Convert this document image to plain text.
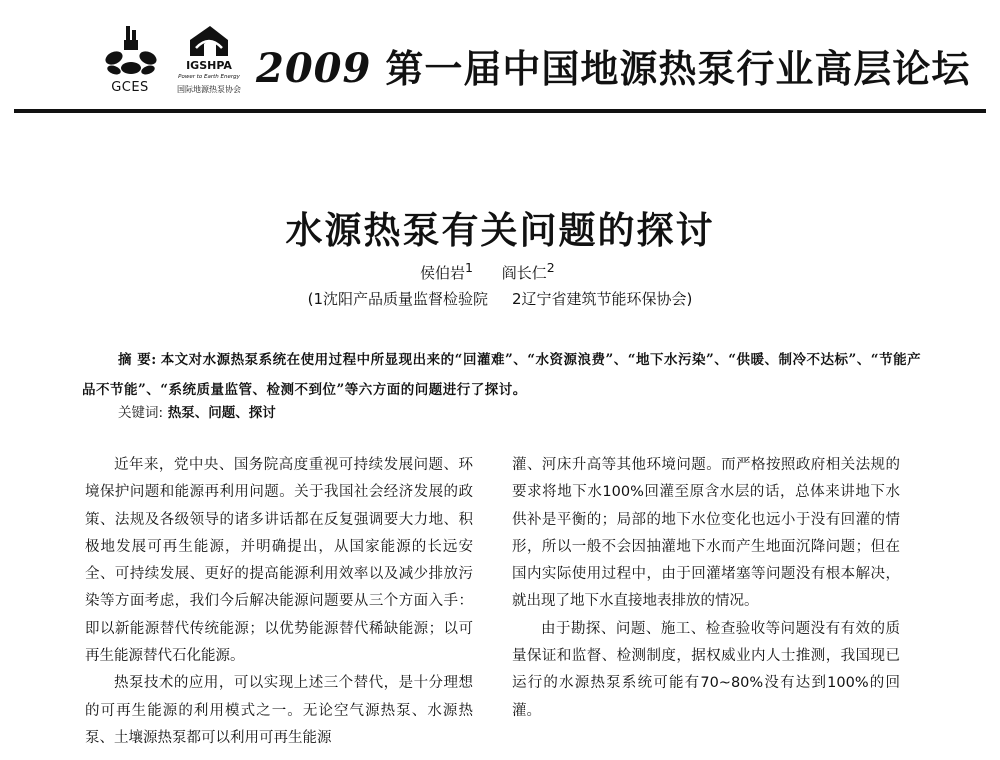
GCES
IGSHPA
Power to Earth Energy
国际地源热泵协会 2009 第一届中国地源热泵行业高层论坛
水源热泵有关问题的探讨
侯伯岩$^1$ 阎长仁$^2$
(1沈阳产品质量监督检验院 2辽宁省建筑节能环保协会)
摘 要: 本文对水源热泵系统在使用过程中所显现出来的“回灌难”、“水资源浪费”、“地下水污染”、“供暖、制冷不达标”、“节能产品不节能”、“系统质量监管、检测不到位”等六方面的问题进行了探讨。
关键词: 热泵、问题、探讨

近年来，党中央、国务院高度重视可持续发展问题、环境保护问题和能源再利用问题。关于我国社会经济发展的政策、法规及各级领导的诸多讲话都在反复强调要大力地、积极地发展可再生能源，并明确提出，从国家能源的长远安全、可持续发展、更好的提高能源利用效率以及减少排放污染等方面考虑，我们今后解决能源问题要从三个方面入手：即以新能源替代传统能源；以优势能源替代稀缺能源；以可再生能源替代石化能源。

热泵技术的应用，可以实现上述三个替代，是十分理想的可再生能源的利用模式之一。无论空气源热泵、水源热泵、土壤源热泵都可以利用可再生能源

灌、河床升高等其他环境问题。而严格按照政府相关法规的要求将地下水100%回灌至原含水层的话，总体来讲地下水供补是平衡的；局部的地下水位变化也远小于没有回灌的情形，所以一般不会因抽灌地下水而产生地面沉降问题；但在国内实际使用过程中，由于回灌堵塞等问题没有根本解决，就出现了地下水直接地表排放的情况。

由于勘探、问题、施工、检查验收等问题没有有效的质量保证和监督、检测制度，据权威业内人士推测，我国现已运行的水源热泵系统可能有70~80%没有达到100%的回灌。
